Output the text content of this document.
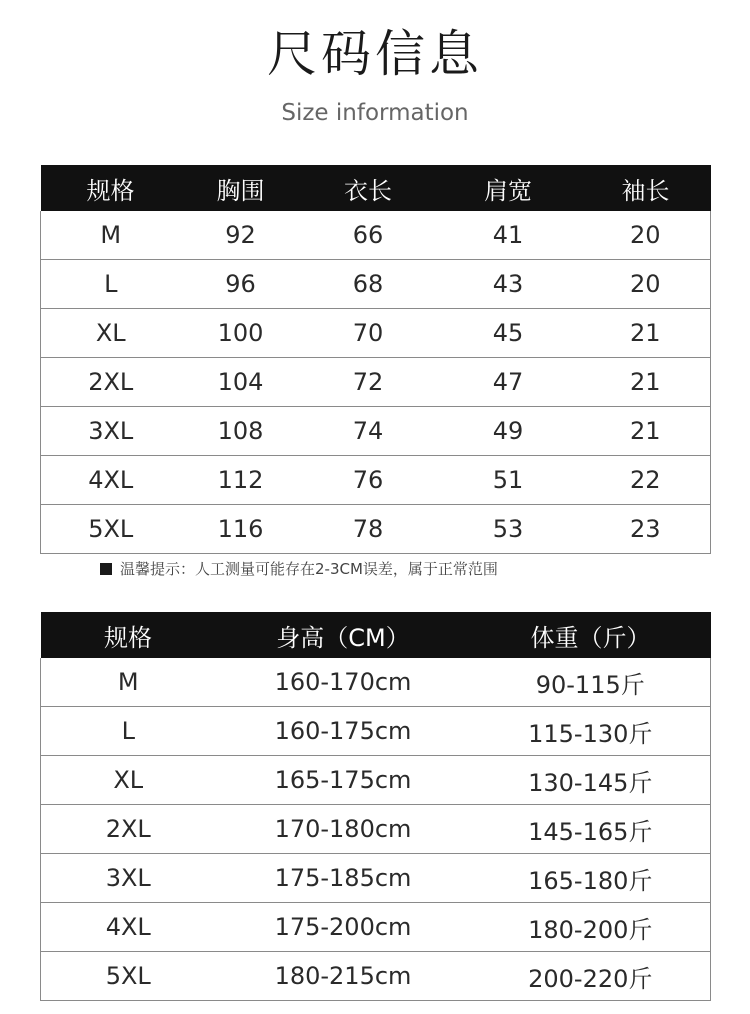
尺码信息
Size information
规格	胸围	衣长	肩宽	袖长
M	92	66	41	20
L	96	68	43	20
XL	100	70	45	21
2XL	104	72	47	21
3XL	108	74	49	21
4XL	112	76	51	22
5XL	116	78	53	23
温馨提示：人工测量可能存在2-3CM误差，属于正常范围
规格	身高（CM）	体重（斤）
M	160-170cm	90-115斤
L	160-175cm	115-130斤
XL	165-175cm	130-145斤
2XL	170-180cm	145-165斤
3XL	175-185cm	165-180斤
4XL	175-200cm	180-200斤
5XL	180-215cm	200-220斤
